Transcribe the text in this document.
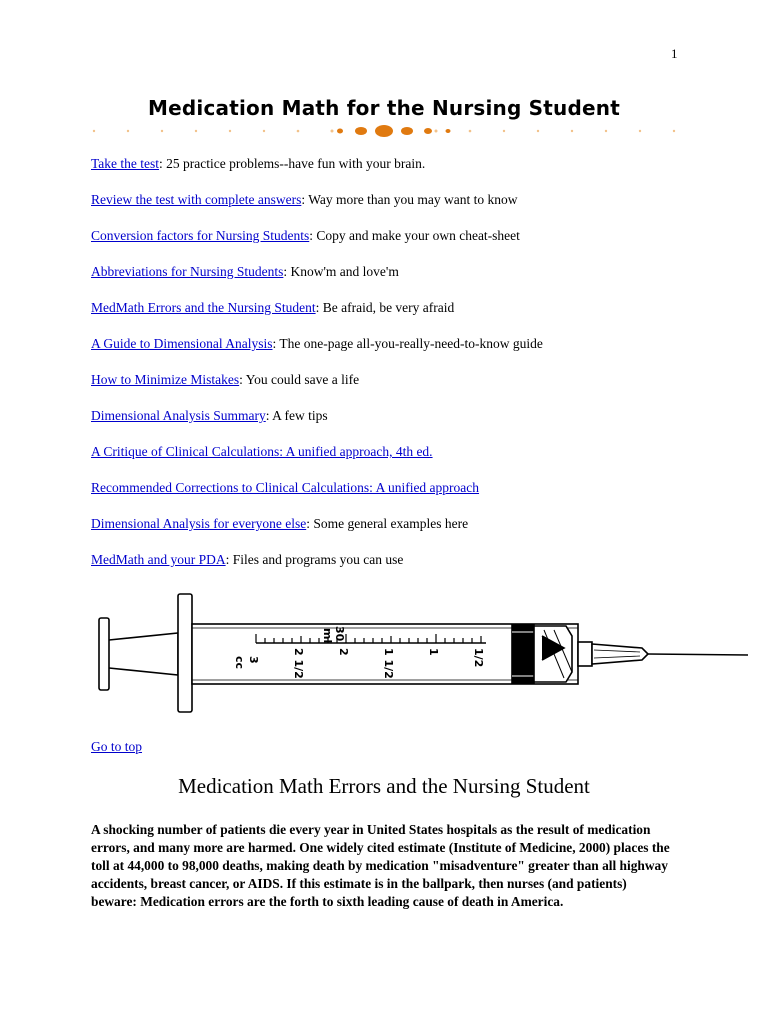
1
Medication Math for the Nursing Student
Take the test: 25 practice problems--have fun with your brain.
Review the test with complete answers: Way more than you may want to know
Conversion factors for Nursing Students: Copy and make your own cheat-sheet
Abbreviations for Nursing Students: Know'm and love'm
MedMath Errors and the Nursing Student: Be afraid, be very afraid
A Guide to Dimensional Analysis: The one-page all-you-really-need-to-know guide
How to Minimize Mistakes: You could save a life
Dimensional Analysis Summary: A few tips
A Critique of Clinical Calculations: A unified approach, 4th ed.
Recommended Corrections to Clinical Calculations: A unified approach
Dimensional Analysis for everyone else: Some general examples here
MedMath and your PDA: Files and programs you can use
3
cc	2 1/2	2	1 1/2	1	1/2
ml 30
Go to top
Medication Math Errors and the Nursing Student

A shocking number of patients die every year in United States hospitals as the result of medication errors, and many more are harmed. One widely cited estimate (Institute of Medicine, 2000) places the toll at 44,000 to 98,000 deaths, making death by medication "misadventure" greater than all highway accidents, breast cancer, or AIDS. If this estimate is in the ballpark, then nurses (and patients) beware: Medication errors are the forth to sixth leading cause of death in America.
